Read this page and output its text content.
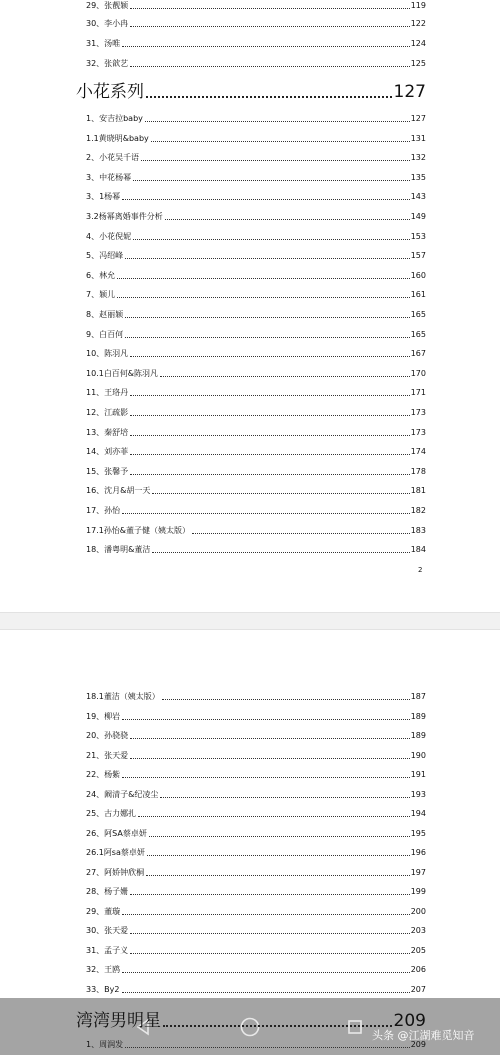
29、张靓颖	119
30、李小冉	122
31、汤唯	124
32、张歆艺	125
小花系列	127
1、安吉拉baby	127
1.1黄晓明&baby	131
2、小花吴千语	132
3、中花杨幂	135
3、1杨幂	143
3.2杨幂离婚事件分析	149
4、小花倪妮	153
5、冯绍峰	157
6、林允	160
7、颖儿	161
8、赵丽颖	165
9、白百何	165
10、陈羽凡	167
10.1白百何&陈羽凡	170
11、王珞丹	171
12、江疏影	173
13、秦舒培	173
14、刘亦菲	174
15、张馨予	178
16、沈月&胡一天	181
17、孙怡	182
17.1孙怡&董子健（姨太版）	183
18、潘粤明&董洁	184
2
18.1董洁（姨太版）	187
19、柳岩	189
20、孙骁骁	189
21、张天爱	190
22、杨紫	191
24、阚清子&纪凌尘	193
25、古力娜扎	194
26、阿SA蔡卓妍	195
26.1阿sa蔡卓妍	196
27、阿娇钟欣桐	197
28、杨子姗	199
29、董璇	200
30、张天爱	203
31、孟子义	205
32、王鸥	206
33、By2	207
湾湾男明星	209
1、周润发	209
头条 @江湖难觅知音
